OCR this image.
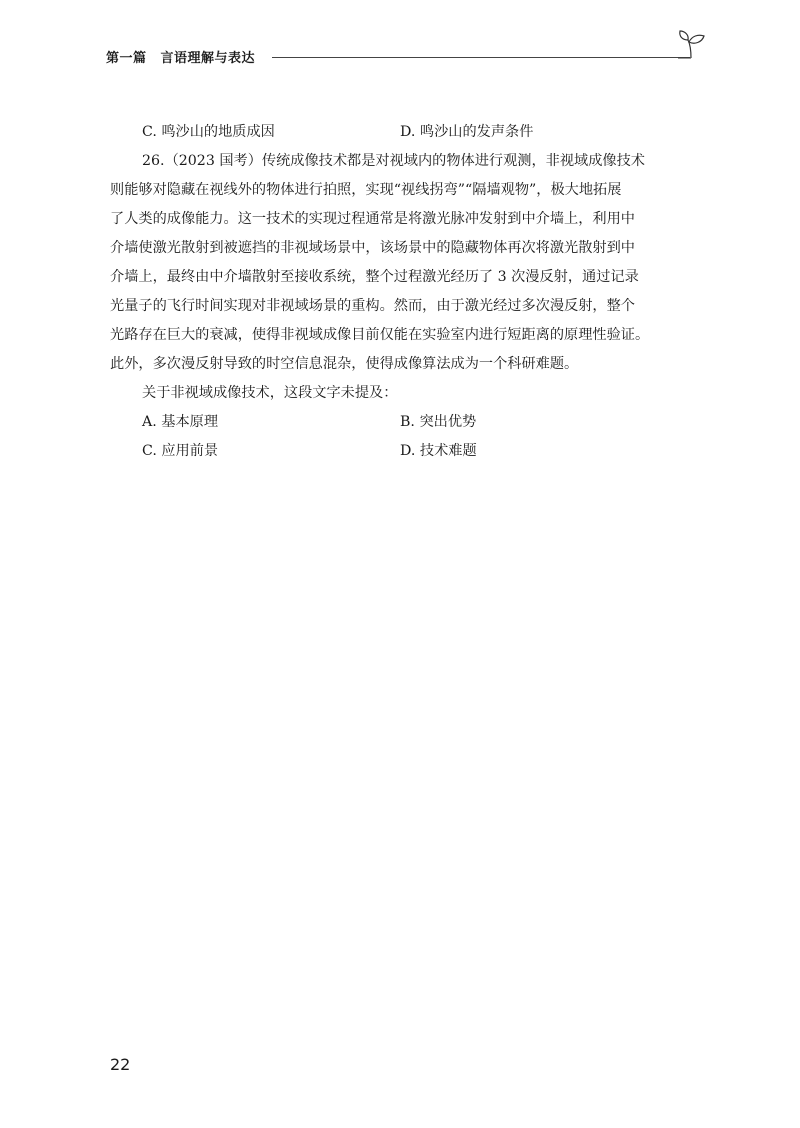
第一篇 言语理解与表达
C. 鸣沙山的地质成因	D. 鸣沙山的发声条件
26.（2023 国考）传统成像技术都是对视域内的物体进行观测，非视域成像技术
则能够对隐藏在视线外的物体进行拍照，实现“视线拐弯”“隔墙观物”，极大地拓展
了人类的成像能力。这一技术的实现过程通常是将激光脉冲发射到中介墙上，利用中
介墙使激光散射到被遮挡的非视域场景中，该场景中的隐藏物体再次将激光散射到中
介墙上，最终由中介墙散射至接收系统，整个过程激光经历了 3 次漫反射，通过记录
光量子的飞行时间实现对非视域场景的重构。然而，由于激光经过多次漫反射，整个
光路存在巨大的衰减，使得非视域成像目前仅能在实验室内进行短距离的原理性验证。
此外，多次漫反射导致的时空信息混杂，使得成像算法成为一个科研难题。
关于非视域成像技术，这段文字未提及：
A. 基本原理	B. 突出优势
C. 应用前景	D. 技术难题
22
